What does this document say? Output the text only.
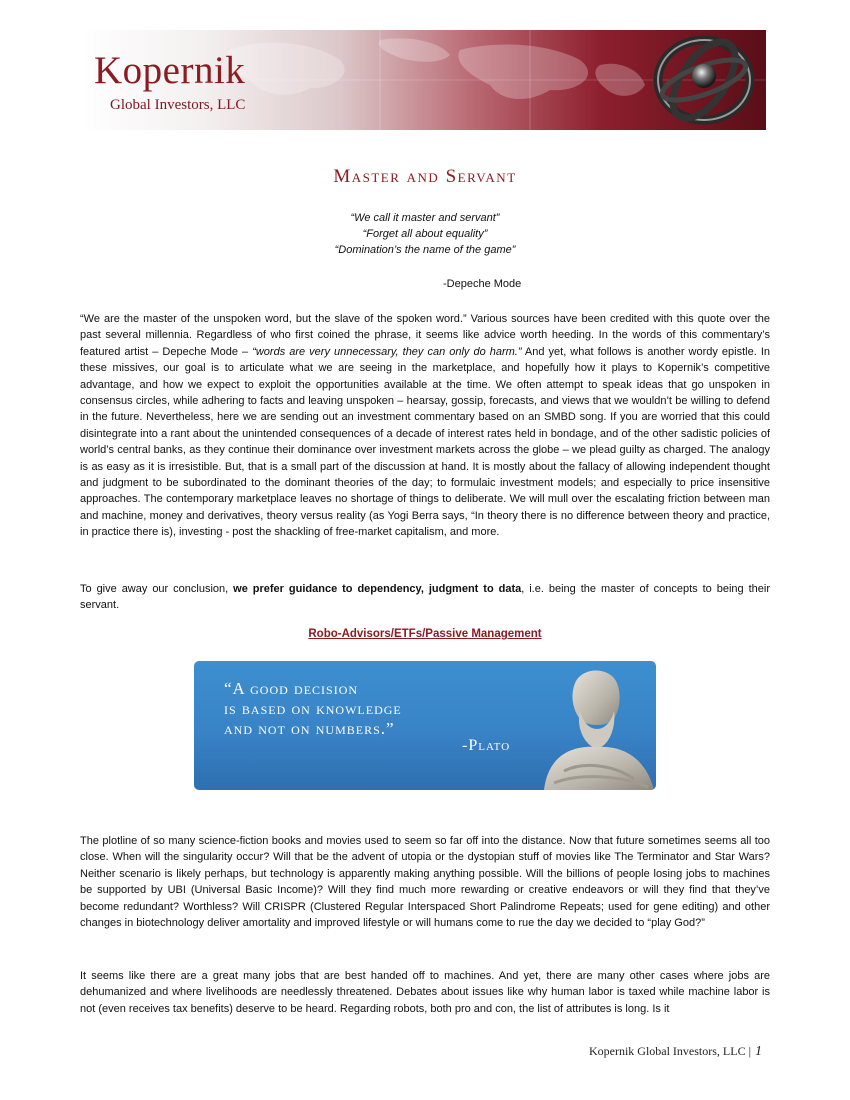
Kopernik
Global Investors, LLC
Master and Servant
“We call it master and servant”
“Forget all about equality”
“Domination’s the name of the game”
-Depeche Mode
“We are the master of the unspoken word, but the slave of the spoken word.” Various sources have been credited with this quote over the past several millennia. Regardless of who first coined the phrase, it seems like advice worth heeding. In the words of this commentary’s featured artist – Depeche Mode – “words are very unnecessary, they can only do harm.” And yet, what follows is another wordy epistle. In these missives, our goal is to articulate what we are seeing in the marketplace, and hopefully how it plays to Kopernik’s competitive advantage, and how we expect to exploit the opportunities available at the time. We often attempt to speak ideas that go unspoken in consensus circles, while adhering to facts and leaving unspoken – hearsay, gossip, forecasts, and views that we wouldn’t be willing to defend in the future. Nevertheless, here we are sending out an investment commentary based on an SMBD song. If you are worried that this could disintegrate into a rant about the unintended consequences of a decade of interest rates held in bondage, and of the other sadistic policies of world’s central banks, as they continue their dominance over investment markets across the globe – we plead guilty as charged. The analogy is as easy as it is irresistible. But, that is a small part of the discussion at hand. It is mostly about the fallacy of allowing independent thought and judgment to be subordinated to the dominant theories of the day; to formulaic investment models; and especially to price insensitive approaches. The contemporary marketplace leaves no shortage of things to deliberate. We will mull over the escalating friction between man and machine, money and derivatives, theory versus reality (as Yogi Berra says, “In theory there is no difference between theory and practice, in practice there is), investing - post the shackling of free-market capitalism, and more.
To give away our conclusion, we prefer guidance to dependency, judgment to data, i.e. being the master of concepts to being their servant.
Robo-Advisors/ETFs/Passive Management
“A good decision
is based on knowledge
and not on numbers.”
-Plato
The plotline of so many science-fiction books and movies used to seem so far off into the distance. Now that future sometimes seems all too close. When will the singularity occur? Will that be the advent of utopia or the dystopian stuff of movies like The Terminator and Star Wars? Neither scenario is likely perhaps, but technology is apparently making anything possible. Will the billions of people losing jobs to machines be supported by UBI (Universal Basic Income)? Will they find much more rewarding or creative endeavors or will they find that they’ve become redundant? Worthless? Will CRISPR (Clustered Regular Interspaced Short Palindrome Repeats; used for gene editing) and other changes in biotechnology deliver amortality and improved lifestyle or will humans come to rue the day we decided to “play God?”
It seems like there are a great many jobs that are best handed off to machines. And yet, there are many other cases where jobs are dehumanized and where livelihoods are needlessly threatened. Debates about issues like why human labor is taxed while machine labor is not (even receives tax benefits) deserve to be heard. Regarding robots, both pro and con, the list of attributes is long. Is it
Kopernik Global Investors, LLC | 1
